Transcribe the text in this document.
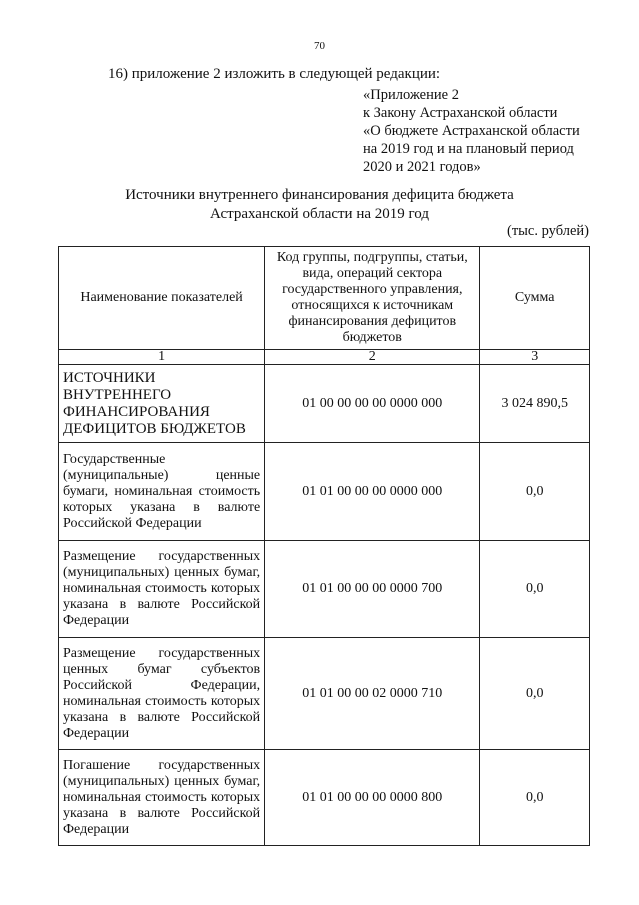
70
16) приложение 2 изложить в следующей редакции:
«Приложение 2
к Закону Астраханской области
«О бюджете Астраханской области
на 2019 год и на плановый период
2020 и 2021 годов»
Источники внутреннего финансирования дефицита бюджета
Астраханской области на 2019 год
(тыс. рублей)
Наименование показателей	Код группы, подгруппы, статьи, вида, операций сектора государственного управления, относящихся к источникам финансирования дефицитов бюджетов	Сумма
1	2	3
ИСТОЧНИКИ ВНУТРЕННЕГО ФИНАНСИРОВАНИЯ ДЕФИЦИТОВ БЮДЖЕТОВ	01 00 00 00 00 0000 000	3 024 890,5
Государственные (муниципальные) ценные бумаги, номинальная стоимость которых указана в валюте Российской Федерации	01 01 00 00 00 0000 000	0,0
Размещение государственных (муниципальных) ценных бумаг, номинальная стоимость которых указана в валюте Российской Федерации	01 01 00 00 00 0000 700	0,0
Размещение государственных ценных бумаг субъектов Российской Федерации, номинальная стоимость которых указана в валюте Российской Федерации	01 01 00 00 02 0000 710	0,0
Погашение государственных (муниципальных) ценных бумаг, номинальная стоимость которых указана в валюте Российской Федерации	01 01 00 00 00 0000 800	0,0
